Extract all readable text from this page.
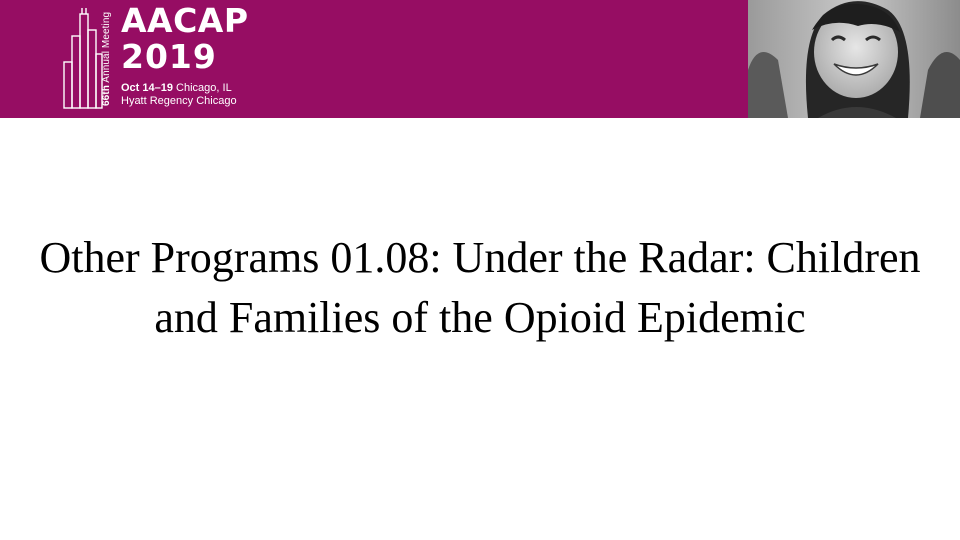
66th Annual Meeting AACAP
2019
Oct 14–19 Chicago, IL
Hyatt Regency Chicago
Other Programs 01.08: Under the Radar: Children and Families of the Opioid Epidemic
